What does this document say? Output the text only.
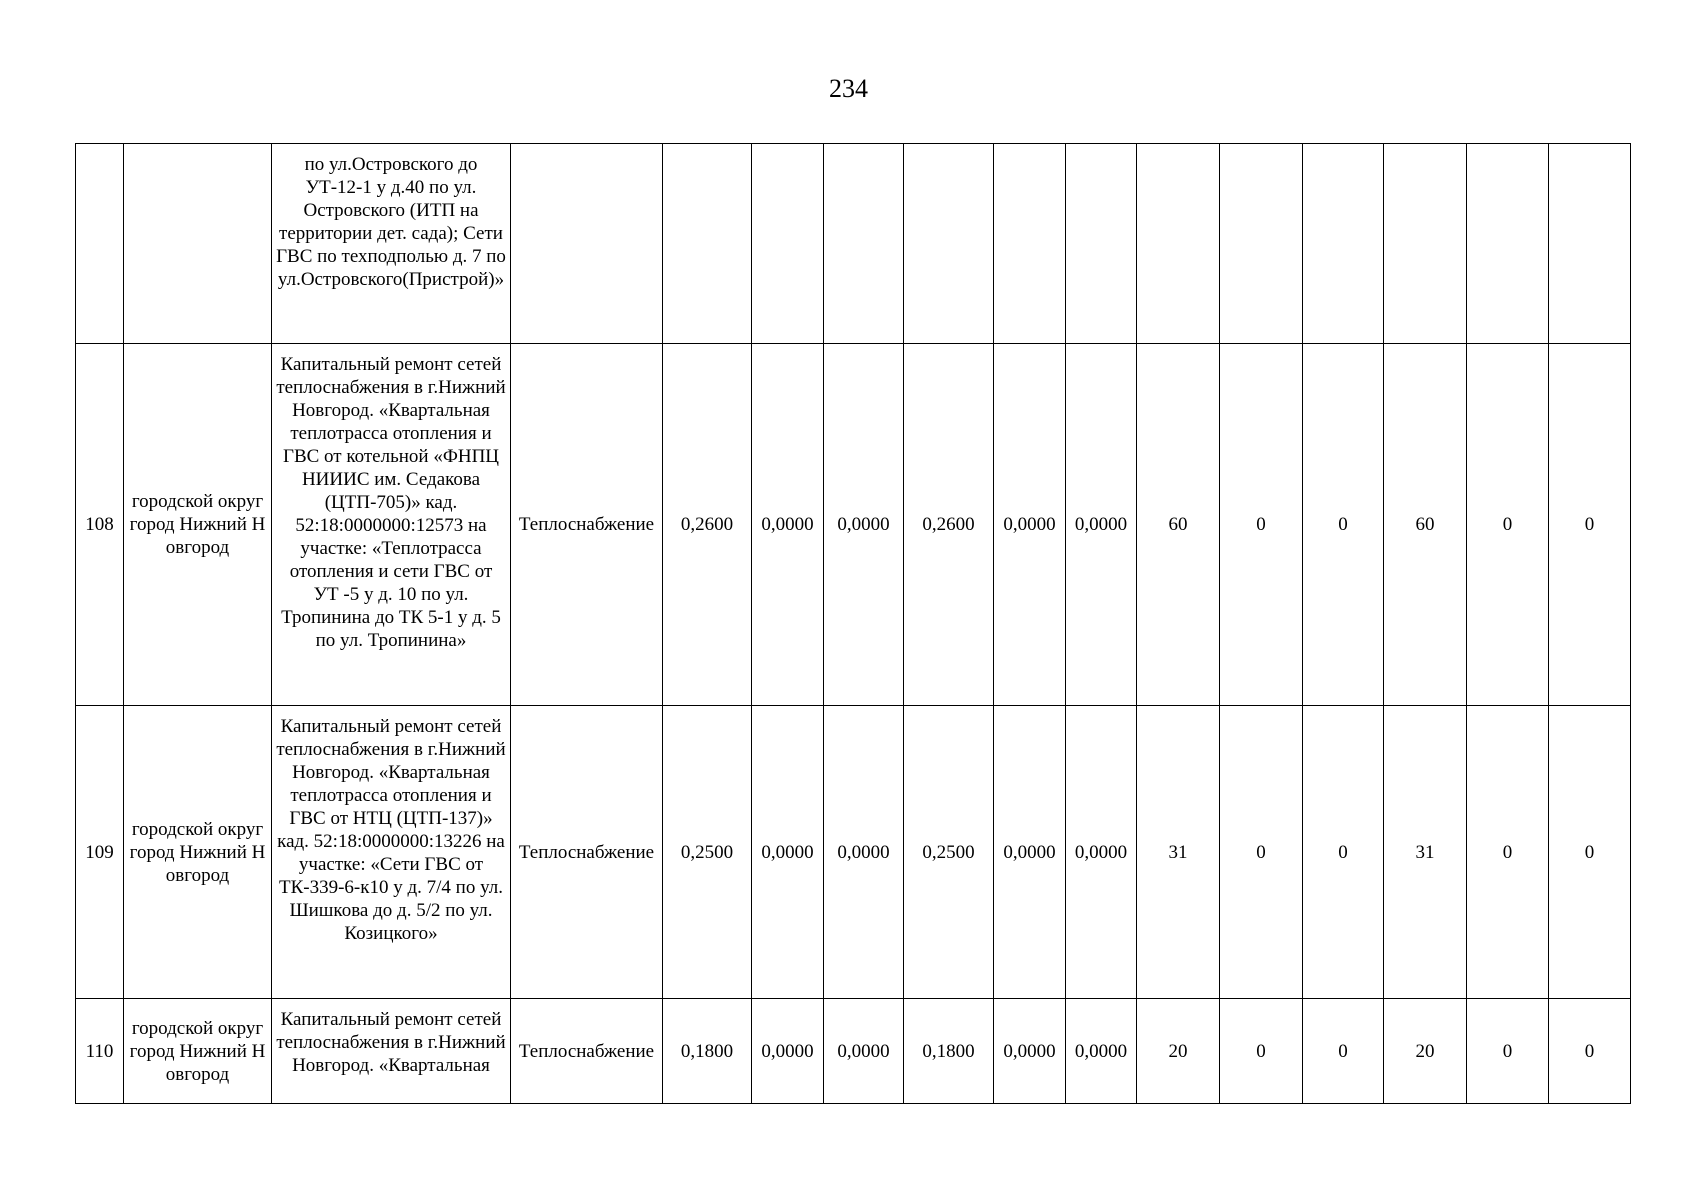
234
		по ул.Островского до УТ-12-1 у д.40 по ул. Островского (ИТП на территории дет. сада); Сети ГВС по техподполью д. 7 по ул.Островского(Пристрой)»													
108	городской округ город Нижний Новгород	Капитальный ремонт сетей теплоснабжения в г.Нижний Новгород. «Квартальная теплотрасса отопления и ГВС от котельной «ФНПЦ НИИИС им. Седакова (ЦТП-705)» кад. 52:18:0000000:12573 на участке: «Теплотрасса отопления и сети ГВС от УТ -5 у д. 10 по ул. Тропинина до ТК 5-1 у д. 5 по ул. Тропинина»	Теплоснабжение	0,2600	0,0000	0,0000	0,2600	0,0000	0,0000	60	0	0	60	0	0
109	городской округ город Нижний Новгород	Капитальный ремонт сетей теплоснабжения в г.Нижний Новгород. «Квартальная теплотрасса отопления и ГВС от НТЦ (ЦТП-137)» кад. 52:18:0000000:13226 на участке: «Сети ГВС от ТК-339-6-к10 у д. 7/4 по ул. Шишкова до д. 5/2 по ул. Козицкого»	Теплоснабжение	0,2500	0,0000	0,0000	0,2500	0,0000	0,0000	31	0	0	31	0	0
110	городской округ город Нижний Новгород	Капитальный ремонт сетей теплоснабжения в г.Нижний Новгород. «Квартальная	Теплоснабжение	0,1800	0,0000	0,0000	0,1800	0,0000	0,0000	20	0	0	20	0	0
